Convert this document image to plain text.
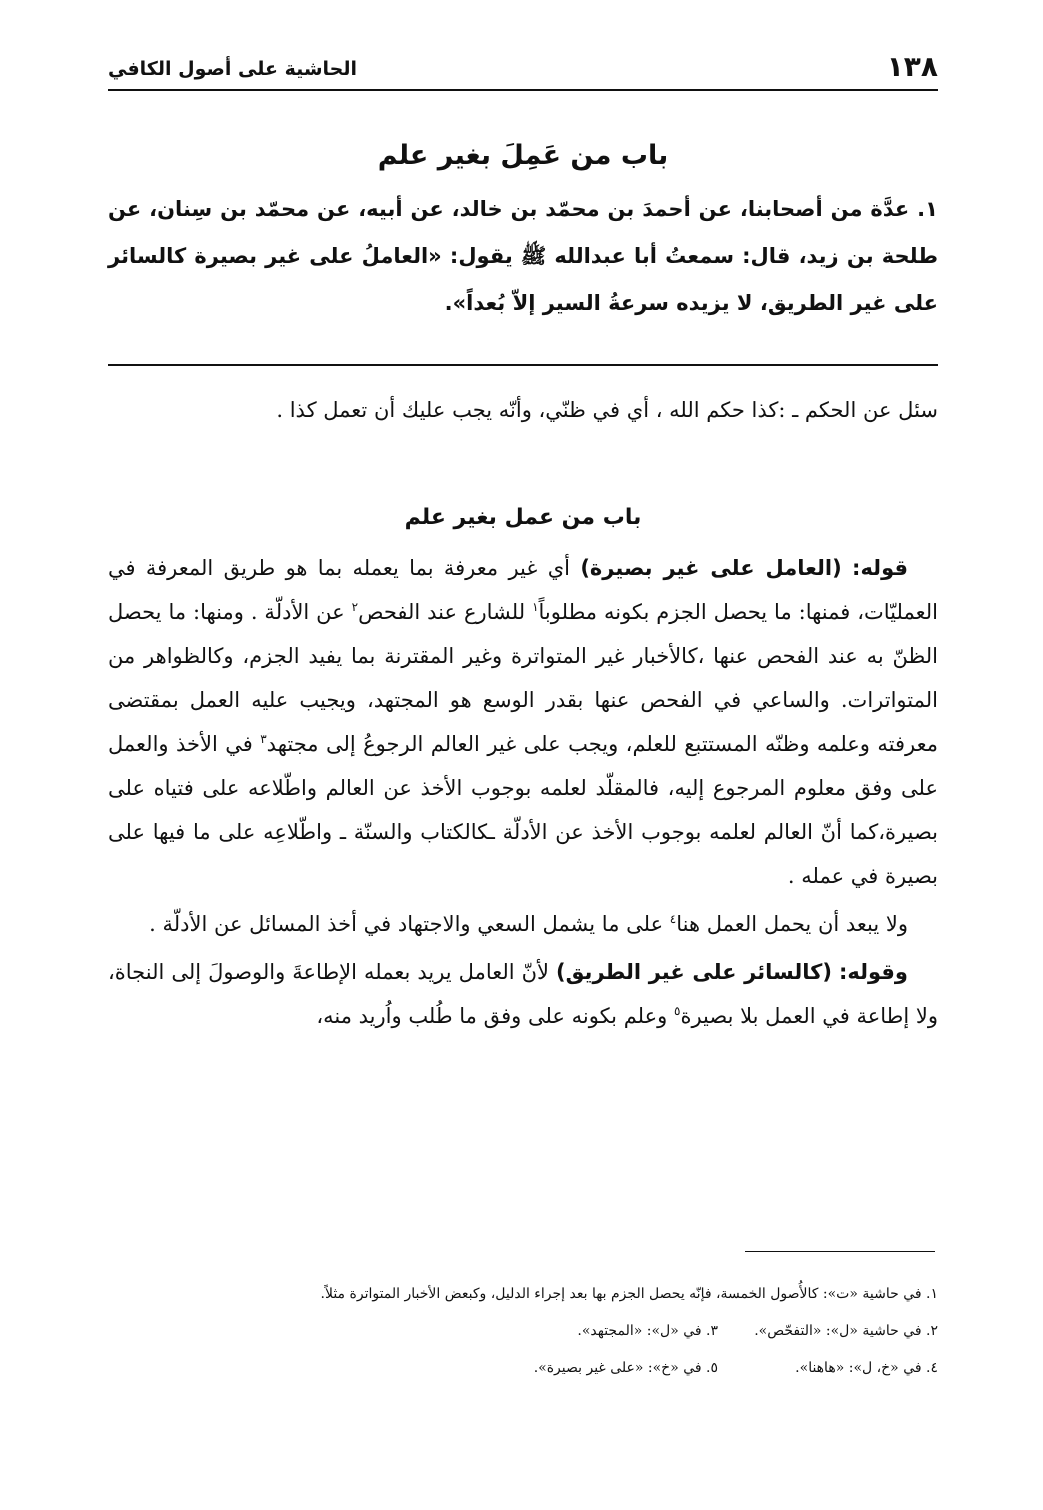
١٣٨
الحاشية على أصول الكافي
باب من عَمِلَ بغير علم
١. عدَّة من أصحابنا، عن أحمدَ بن محمّد بن خالد، عن أبيه، عن محمّد بن سِنان، عن طلحة بن زيد، قال: سمعتُ أبا عبدالله ﷺ يقول: «العاملُ على غير بصيرة كالسائر على غير الطريق، لا يزيده سرعةُ السير إلاّ بُعداً».
سئل عن الحكم ـ :كذا حكم الله ، أي في ظنّي، وأنّه يجب عليك أن تعمل كذا .
باب من عمل بغير علم

قوله: (العامل على غير بصيرة) أي غير معرفة بما يعمله بما هو طريق المعرفة في العمليّات، فمنها: ما يحصل الجزم بكونه مطلوباً$^١$ للشارع عند الفحص$^٢$ عن الأدلّة . ومنها: ما يحصل الظنّ به عند الفحص عنها ،كالأخبار غير المتواترة وغير المقترنة بما يفيد الجزم، وكالظواهر من المتواترات. والساعي في الفحص عنها بقدر الوسع هو المجتهد، ويجيب عليه العمل بمقتضى معرفته وعلمه وظنّه المستتبع للعلم، ويجب على غير العالم الرجوعُ إلى مجتهد$^٣$ في الأخذ والعمل على وفق معلوم المرجوع إليه، فالمقلّد لعلمه بوجوب الأخذ عن العالم واطّلاعه على فتياه على بصيرة،كما أنّ العالم لعلمه بوجوب الأخذ عن الأدلّة ـكالكتاب والسنّة ـ واطّلاعِه على ما فيها على بصيرة في عمله .

ولا يبعد أن يحمل العمل هنا$^٤$ على ما يشمل السعي والاجتهاد في أخذ المسائل عن الأدلّة .

وقوله: (كالسائر على غير الطريق) لأنّ العامل يريد بعمله الإطاعةَ والوصولَ إلى النجاة، ولا إطاعة في العمل بلا بصيرة$^٥$ وعلم بكونه على وفق ما طُلب واُريد منه،

١. في حاشية «ت»: كالأُصول الخمسة، فإنّه يحصل الجزم بها بعد إجراء الدليل، وكبعض الأخبار المتواترة مثلاً.
٢. في حاشية «ل»: «التفحّص».
٣. في «ل»: «المجتهد».
٤. في «خ، ل»: «هاهنا».
٥. في «خ»: «على غير بصيرة».
